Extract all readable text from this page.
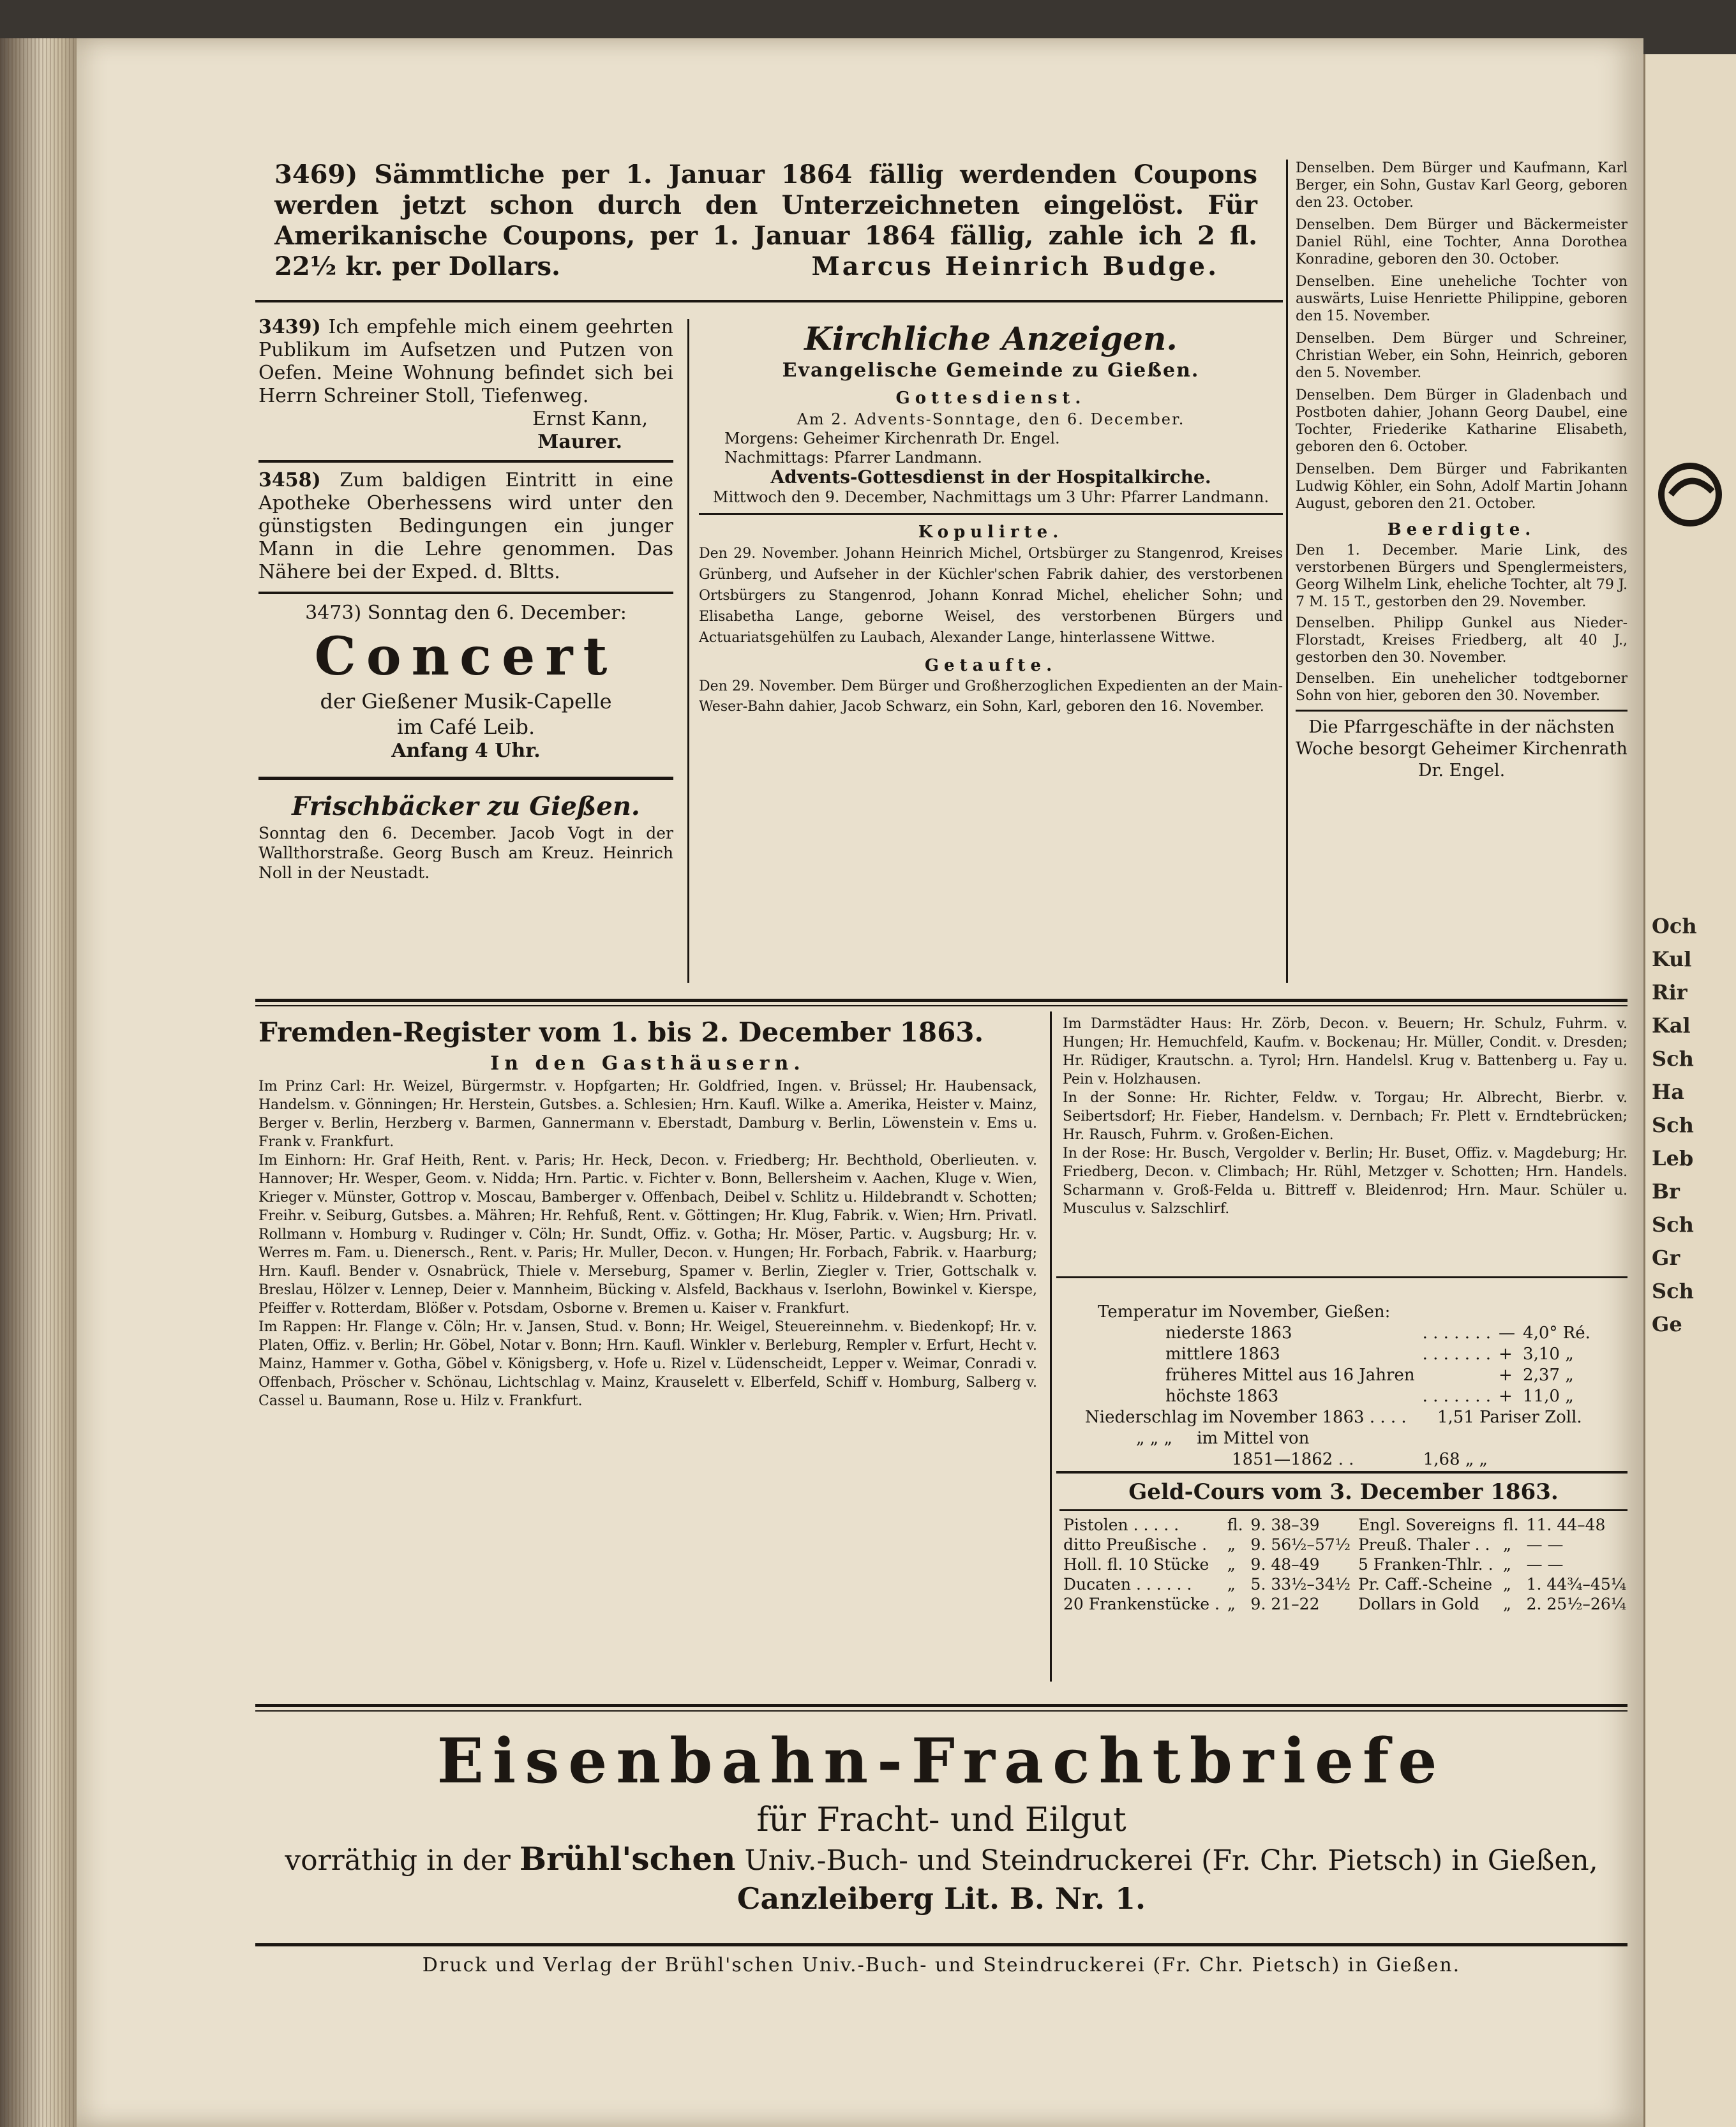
3469) Sämmtliche per 1. Januar 1864 fällig werdenden Coupons werden jetzt schon durch den Unterzeichneten eingelöst. Für Amerikanische Coupons, per 1. Januar 1864 fällig, zahle ich 2 fl. 22½ kr. per Dollars.	Marcus Heinrich Budge.

3439) Ich empfehle mich einem geehrten Publikum im Aufsetzen und Putzen von Oefen. Meine Wohnung befindet sich bei Herrn Schreiner Stoll, Tiefenweg.

Ernst Kann,

Maurer.

3458) Zum baldigen Eintritt in eine Apotheke Oberhessens wird unter den günstigsten Bedingungen ein junger Mann in die Lehre genommen. Das Nähere bei der Exped. d. Bltts.

3473) Sonntag den 6. December:

Concert

der Gießener Musik-Capelle

im Café Leib.

Anfang 4 Uhr.

Frischbäcker zu Gießen.

Sonntag den 6. December. Jacob Vogt in der Wallthorstraße. Georg Busch am Kreuz. Heinrich Noll in der Neustadt.

Kirchliche Anzeigen.

Evangelische Gemeinde zu Gießen.

Gottesdienst.

Am 2. Advents-Sonntage, den 6. December.

Morgens: Geheimer Kirchenrath Dr. Engel.

Nachmittags: Pfarrer Landmann.

Advents-Gottesdienst in der Hospitalkirche.

Mittwoch den 9. December, Nachmittags um 3 Uhr: Pfarrer Landmann.

Kopulirte.

Den 29. November. Johann Heinrich Michel, Ortsbürger zu Stangenrod, Kreises Grünberg, und Aufseher in der Küchler'schen Fabrik dahier, des verstorbenen Ortsbürgers zu Stangenrod, Johann Konrad Michel, ehelicher Sohn; und Elisabetha Lange, geborne Weisel, des verstorbenen Bürgers und Actuariatsgehülfen zu Laubach, Alexander Lange, hinterlassene Wittwe.

Getaufte.

Den 29. November. Dem Bürger und Großherzoglichen Expedienten an der Main-Weser-Bahn dahier, Jacob Schwarz, ein Sohn, Karl, geboren den 16. November.

Denselben. Dem Bürger und Kaufmann, Karl Berger, ein Sohn, Gustav Karl Georg, geboren den 23. October.

Denselben. Dem Bürger und Bäckermeister Daniel Rühl, eine Tochter, Anna Dorothea Konradine, geboren den 30. October.

Denselben. Eine uneheliche Tochter von auswärts, Luise Henriette Philippine, geboren den 15. November.

Denselben. Dem Bürger und Schreiner, Christian Weber, ein Sohn, Heinrich, geboren den 5. November.

Denselben. Dem Bürger in Gladenbach und Postboten dahier, Johann Georg Daubel, eine Tochter, Friederike Katharine Elisabeth, geboren den 6. October.

Denselben. Dem Bürger und Fabrikanten Ludwig Köhler, ein Sohn, Adolf Martin Johann August, geboren den 21. October.

Beerdigte.

Den 1. December. Marie Link, des verstorbenen Bürgers und Spenglermeisters, Georg Wilhelm Link, eheliche Tochter, alt 79 J. 7 M. 15 T., gestorben den 29. November.

Denselben. Philipp Gunkel aus Nieder-Florstadt, Kreises Friedberg, alt 40 J., gestorben den 30. November.

Denselben. Ein unehelicher todtgeborner Sohn von hier, geboren den 30. November.

Die Pfarrgeschäfte in der nächsten Woche besorgt Geheimer Kirchenrath Dr. Engel.

Fremden-Register vom 1. bis 2. December 1863.

In den Gasthäusern.

Im Prinz Carl: Hr. Weizel, Bürgermstr. v. Hopfgarten; Hr. Goldfried, Ingen. v. Brüssel; Hr. Haubensack, Handelsm. v. Gönningen; Hr. Herstein, Gutsbes. a. Schlesien; Hrn. Kaufl. Wilke a. Amerika, Heister v. Mainz, Berger v. Berlin, Herzberg v. Barmen, Gannermann v. Eberstadt, Damburg v. Berlin, Löwenstein v. Ems u. Frank v. Frankfurt.

Im Einhorn: Hr. Graf Heith, Rent. v. Paris; Hr. Heck, Decon. v. Friedberg; Hr. Bechthold, Oberlieuten. v. Hannover; Hr. Wesper, Geom. v. Nidda; Hrn. Partic. v. Fichter v. Bonn, Bellersheim v. Aachen, Kluge v. Wien, Krieger v. Münster, Gottrop v. Moscau, Bamberger v. Offenbach, Deibel v. Schlitz u. Hildebrandt v. Schotten; Freihr. v. Seiburg, Gutsbes. a. Mähren; Hr. Rehfuß, Rent. v. Göttingen; Hr. Klug, Fabrik. v. Wien; Hrn. Privatl. Rollmann v. Homburg v. Rudinger v. Cöln; Hr. Sundt, Offiz. v. Gotha; Hr. Möser, Partic. v. Augsburg; Hr. v. Werres m. Fam. u. Dienersch., Rent. v. Paris; Hr. Muller, Decon. v. Hungen; Hr. Forbach, Fabrik. v. Haarburg; Hrn. Kaufl. Bender v. Osnabrück, Thiele v. Merseburg, Spamer v. Berlin, Ziegler v. Trier, Gottschalk v. Breslau, Hölzer v. Lennep, Deier v. Mannheim, Bücking v. Alsfeld, Backhaus v. Iserlohn, Bowinkel v. Kierspe, Pfeiffer v. Rotterdam, Blößer v. Potsdam, Osborne v. Bremen u. Kaiser v. Frankfurt.

Im Rappen: Hr. Flange v. Cöln; Hr. v. Jansen, Stud. v. Bonn; Hr. Weigel, Steuereinnehm. v. Biedenkopf; Hr. v. Platen, Offiz. v. Berlin; Hr. Göbel, Notar v. Bonn; Hrn. Kaufl. Winkler v. Berleburg, Rempler v. Erfurt, Hecht v. Mainz, Hammer v. Gotha, Göbel v. Königsberg, v. Hofe u. Rizel v. Lüdenscheidt, Lepper v. Weimar, Conradi v. Offenbach, Pröscher v. Schönau, Lichtschlag v. Mainz, Krauselett v. Elberfeld, Schiff v. Homburg, Salberg v. Cassel u. Baumann, Rose u. Hilz v. Frankfurt.

Im Darmstädter Haus: Hr. Zörb, Decon. v. Beuern; Hr. Schulz, Fuhrm. v. Hungen; Hr. Hemuchfeld, Kaufm. v. Bockenau; Hr. Müller, Condit. v. Dresden; Hr. Rüdiger, Krautschn. a. Tyrol; Hrn. Handelsl. Krug v. Battenberg u. Fay u. Pein v. Holzhausen.

In der Sonne: Hr. Richter, Feldw. v. Torgau; Hr. Albrecht, Bierbr. v. Seibertsdorf; Hr. Fieber, Handelsm. v. Dernbach; Fr. Plett v. Erndtebrücken; Hr. Rausch, Fuhrm. v. Großen-Eichen.

In der Rose: Hr. Busch, Vergolder v. Berlin; Hr. Buset, Offiz. v. Magdeburg; Hr. Friedberg, Decon. v. Climbach; Hr. Rühl, Metzger v. Schotten; Hrn. Handels. Scharmann v. Groß-Felda u. Bittreff v. Bleidenrod; Hrn. Maur. Schüler u. Musculus v. Salzschlirf.

Temperatur im November, Gießen:

niederste 1863	. . . . . . .	—	4,0° Ré.
mittlere 1863	. . . . . . .	+	3,10 „
früheres Mittel aus 16 Jahren		+	2,37 „
höchste 1863	. . . . . . .	+	11,0 „

Niederschlag im November 1863 . . . . 1,51 Pariser Zoll.

„ „ „ im Mittel von

1851—1862 . .	1,68 „ „

Geld-Cours vom 3. December 1863.

Pistolen . . . . .	fl.	9. 38–39	Engl. Sovereigns	fl.	11. 44–48
ditto Preußische .	„	9. 56½–57½	Preuß. Thaler . .	„	— —
Holl. fl. 10 Stücke	„	9. 48–49	5 Franken-Thlr. .	„	— —
Ducaten . . . . . .	„	5. 33½–34½	Pr. Caff.-Scheine	„	1. 44¾–45¼
20 Frankenstücke .	„	9. 21–22	Dollars in Gold	„	2. 25½–26¼

Eisenbahn-Frachtbriefe

für Fracht- und Eilgut

vorräthig in der Brühl'schen Univ.-Buch- und Steindruckerei (Fr. Chr. Pietsch) in Gießen,

Canzleiberg Lit. B. Nr. 1.

Druck und Verlag der Brühl'schen Univ.-Buch- und Steindruckerei (Fr. Chr. Pietsch) in Gießen.

Och

Kul

Rir

Kal

Sch

Ha

Sch

Leb

Br

Sch

Gr

Sch

Ge
